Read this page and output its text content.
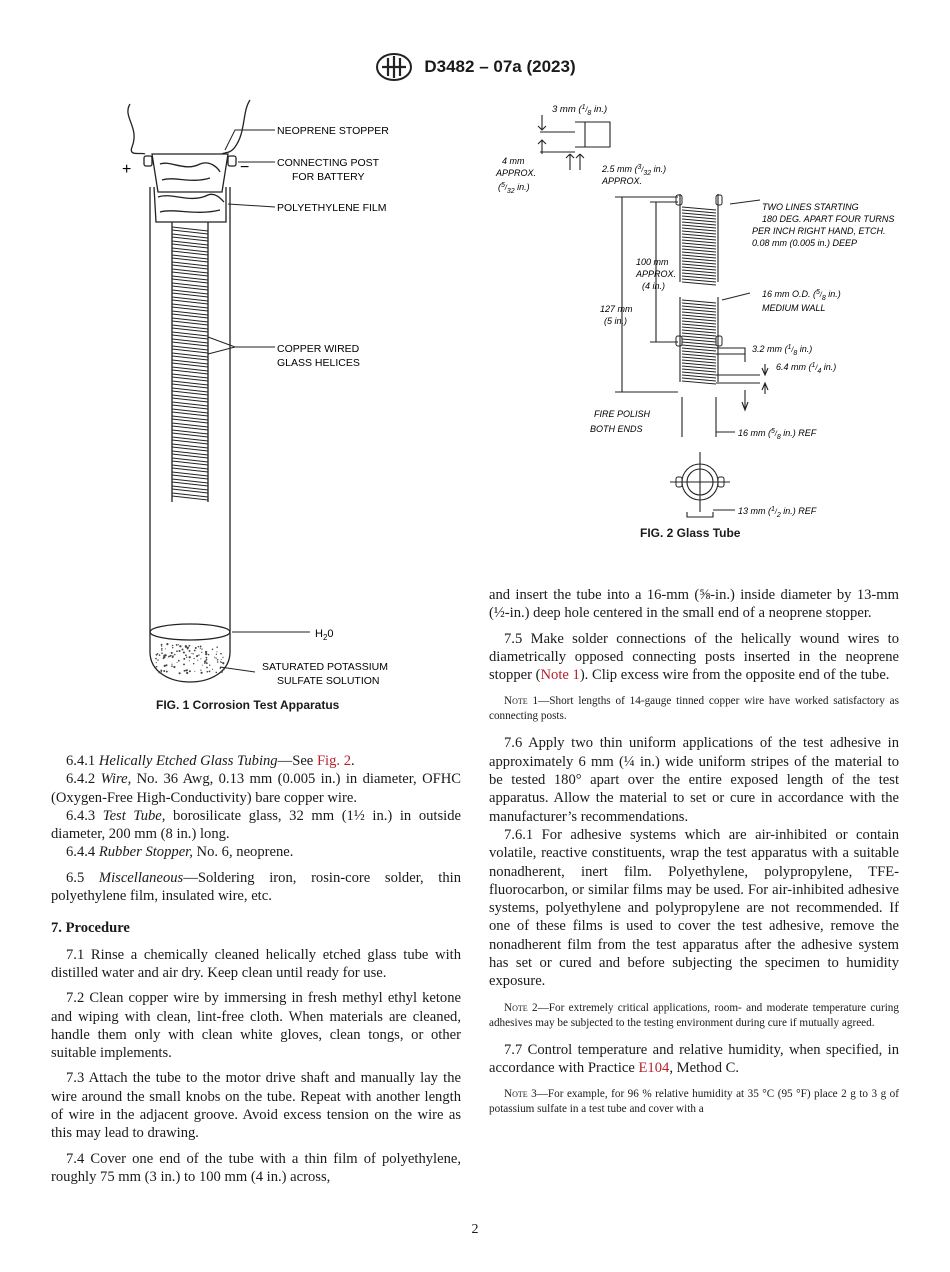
D3482 – 07a (2023)
NEOPRENE STOPPER
CONNECTING POST
FOR BATTERY
POLYETHYLENE FILM
COPPER WIRED
GLASS HELICES
$H_20$
SATURATED POTASSIUM
SULFATE SOLUTION
+	−
FIG. 1 Corrosion Test Apparatus
3 mm ($^1_{/8}$ in.)
4 mm
APPROX.
($^5_{/32}$ in.)
2.5 mm ($^3_{/32}$ in.)
APPROX.
TWO LINES STARTING
180 DEG. APART FOUR TURNS
PER INCH RIGHT HAND, ETCH.
0.08 mm (0.005 in.) DEEP
100 mm
APPROX.
(4 in.)
127 mm
(5 in.)
16 mm O.D. ($^5_{/8}$ in.)
MEDIUM WALL
3.2 mm ($^1_{/8}$ in.)
6.4 mm ($^1_{/4}$ in.)
FIRE POLISH
BOTH ENDS	16 mm ($^5_{/8}$ in.) REF
13 mm ($^1_{/2}$ in.) REF
FIG. 2 Glass Tube

6.4.1 Helically Etched Glass Tubing—See Fig. 2.

6.4.2 Wire, No. 36 Awg, 0.13 mm (0.005 in.) in diameter, OFHC (Oxygen-Free High-Conductivity) bare copper wire.

6.4.3 Test Tube, borosilicate glass, 32 mm (1½ in.) in outside diameter, 200 mm (8 in.) long.

6.4.4 Rubber Stopper, No. 6, neoprene.

6.5 Miscellaneous—Soldering iron, rosin-core solder, thin polyethylene film, insulated wire, etc.

7. Procedure

7.1 Rinse a chemically cleaned helically etched glass tube with distilled water and air dry. Keep clean until ready for use.

7.2 Clean copper wire by immersing in fresh methyl ethyl ketone and wiping with clean, lint-free cloth. When materials are cleaned, handle them only with clean white gloves, clean tongs, or other suitable implements.

7.3 Attach the tube to the motor drive shaft and manually lay the wire around the small knobs on the tube. Repeat with another length of wire in the adjacent groove. Avoid excess tension on the wire as this may lead to drawing.

7.4 Cover one end of the tube with a thin film of polyethylene, roughly 75 mm (3 in.) to 100 mm (4 in.) across,

and insert the tube into a 16-mm (⅝-in.) inside diameter by 13-mm (½-in.) deep hole centered in the small end of a neoprene stopper.

7.5 Make solder connections of the helically wound wires to diametrically opposed connecting posts inserted in the neoprene stopper (Note 1). Clip excess wire from the opposite end of the tube.

Note 1—Short lengths of 14-gauge tinned copper wire have worked satisfactory as connecting posts.

7.6 Apply two thin uniform applications of the test adhesive in approximately 6 mm (¼ in.) wide uniform stripes of the material to be tested 180° apart over the entire exposed length of the test apparatus. Allow the material to set or cure in accordance with the manufacturer’s recommendations.

7.6.1 For adhesive systems which are air-inhibited or contain volatile, reactive constituents, wrap the test apparatus with a suitable nonadherent, inert film. Polyethylene, polypropylene, TFE-fluorocarbon, or similar films may be used. For air-inhibited adhesive systems, polyethylene and polypropylene are not recommended. If one of these films is used to cover the test adhesive, remove the nonadherent film from the test apparatus after the adhesive system has set or cured and before subjecting the specimen to humidity exposure.

Note 2—For extremely critical applications, room- and moderate temperature curing adhesives may be subjected to the testing environment during cure if mutually agreed.

7.7 Control temperature and relative humidity, when specified, in accordance with Practice E104, Method C.

Note 3—For example, for 96 % relative humidity at 35 °C (95 °F) place 2 g to 3 g of potassium sulfate in a test tube and cover with a

2
